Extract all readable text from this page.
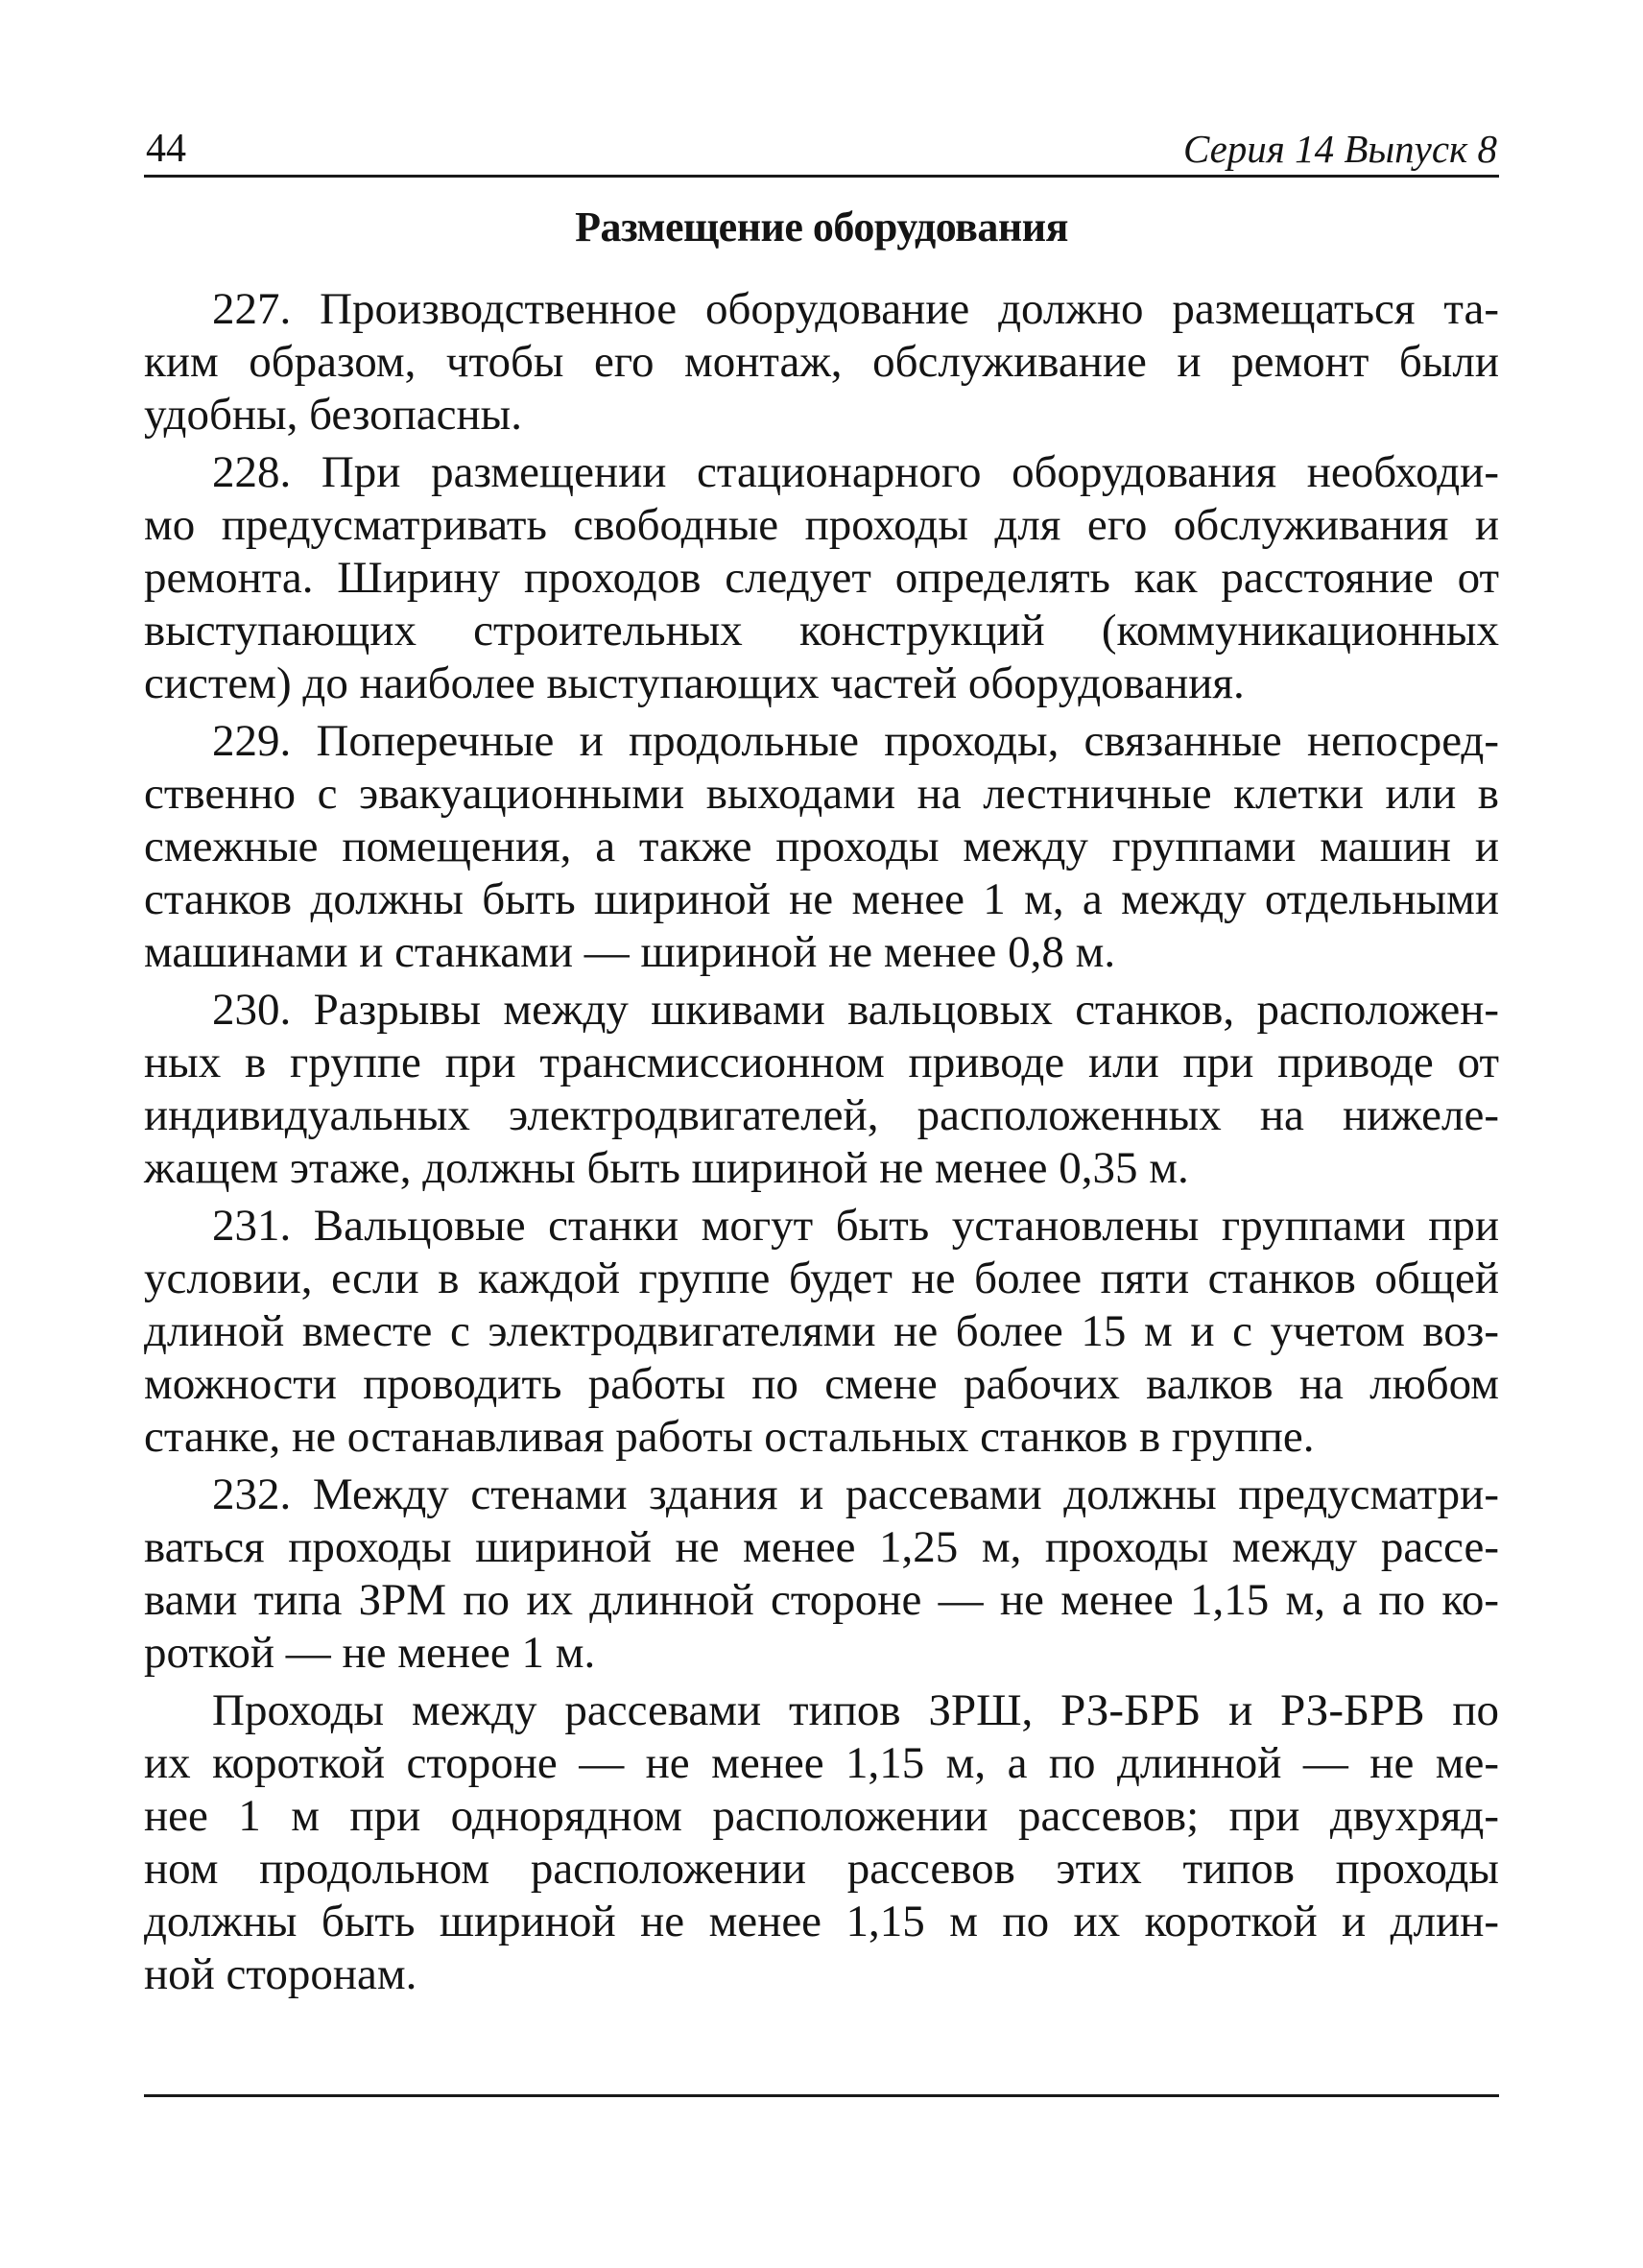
44	Серия 14 Выпуск 8
Размещение оборудования

227. Производственное оборудование должно размещаться та-
ким образом, чтобы его монтаж, обслуживание и ремонт были
удобны, безопасны.

228. При размещении стационарного оборудования необходи-
мо предусматривать свободные проходы для его обслуживания и
ремонта. Ширину проходов следует определять как расстояние от
выступающих строительных конструкций (коммуникационных
систем) до наиболее выступающих частей оборудования.

229. Поперечные и продольные проходы, связанные непосред-
ственно с эвакуационными выходами на лестничные клетки или в
смежные помещения, а также проходы между группами машин и
станков должны быть шириной не менее 1 м, а между отдельными
машинами и станками — шириной не менее 0,8 м.

230. Разрывы между шкивами вальцовых станков, расположен-
ных в группе при трансмиссионном приводе или при приводе от
индивидуальных электродвигателей, расположенных на нижеле-
жащем этаже, должны быть шириной не менее 0,35 м.

231. Вальцовые станки могут быть установлены группами при
условии, если в каждой группе будет не более пяти станков общей
длиной вместе с электродвигателями не более 15 м и с учетом воз-
можности проводить работы по смене рабочих валков на любом
станке, не останавливая работы остальных станков в группе.

232. Между стенами здания и рассевами должны предусматри-
ваться проходы шириной не менее 1,25 м, проходы между рассе-
вами типа ЗРМ по их длинной стороне — не менее 1,15 м, а по ко-
роткой — не менее 1 м.

Проходы между рассевами типов ЗРШ, РЗ-БРБ и РЗ-БРВ по
их короткой стороне — не менее 1,15 м, а по длинной — не ме-
нее 1 м при однорядном расположении рассевов; при двухряд-
ном продольном расположении рассевов этих типов проходы
должны быть шириной не менее 1,15 м по их короткой и длин-
ной сторонам.
